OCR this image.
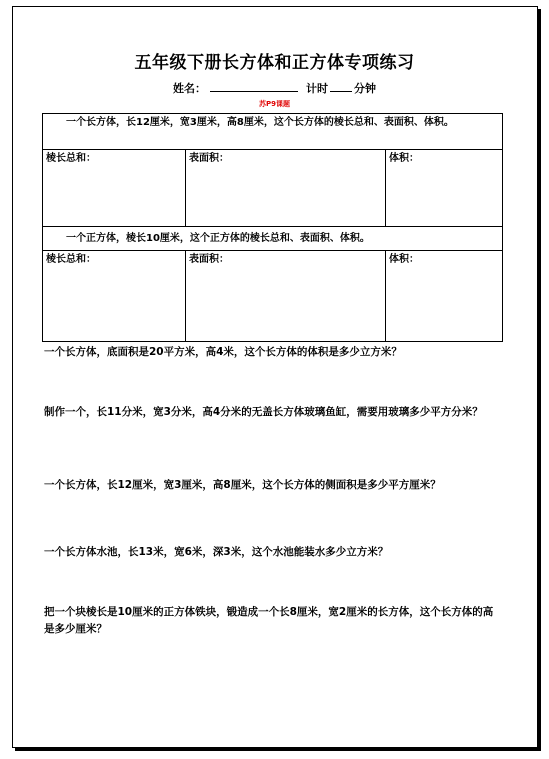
五年级下册长方体和正方体专项练习
姓名：	计时 分钟
苏P9课题
一个长方体，长12厘米，宽3厘米，高8厘米，这个长方体的棱长总和、表面积、体积。		
棱长总和：	表面积：	体积：
一个正方体，棱长10厘米，这个正方体的棱长总和、表面积、体积。		
棱长总和：	表面积：	体积：
一个长方体，底面积是20平方米，高4米，这个长方体的体积是多少立方米？
制作一个，长11分米，宽3分米，高4分米的无盖长方体玻璃鱼缸，需要用玻璃多少平方分米？
一个长方体，长12厘米，宽3厘米，高8厘米，这个长方体的侧面积是多少平方厘米？
一个长方体水池，长13米，宽6米，深3米，这个水池能装水多少立方米？
把一个块棱长是10厘米的正方体铁块，锻造成一个长8厘米，宽2厘米的长方体，这个长方体的高是多少厘米？
